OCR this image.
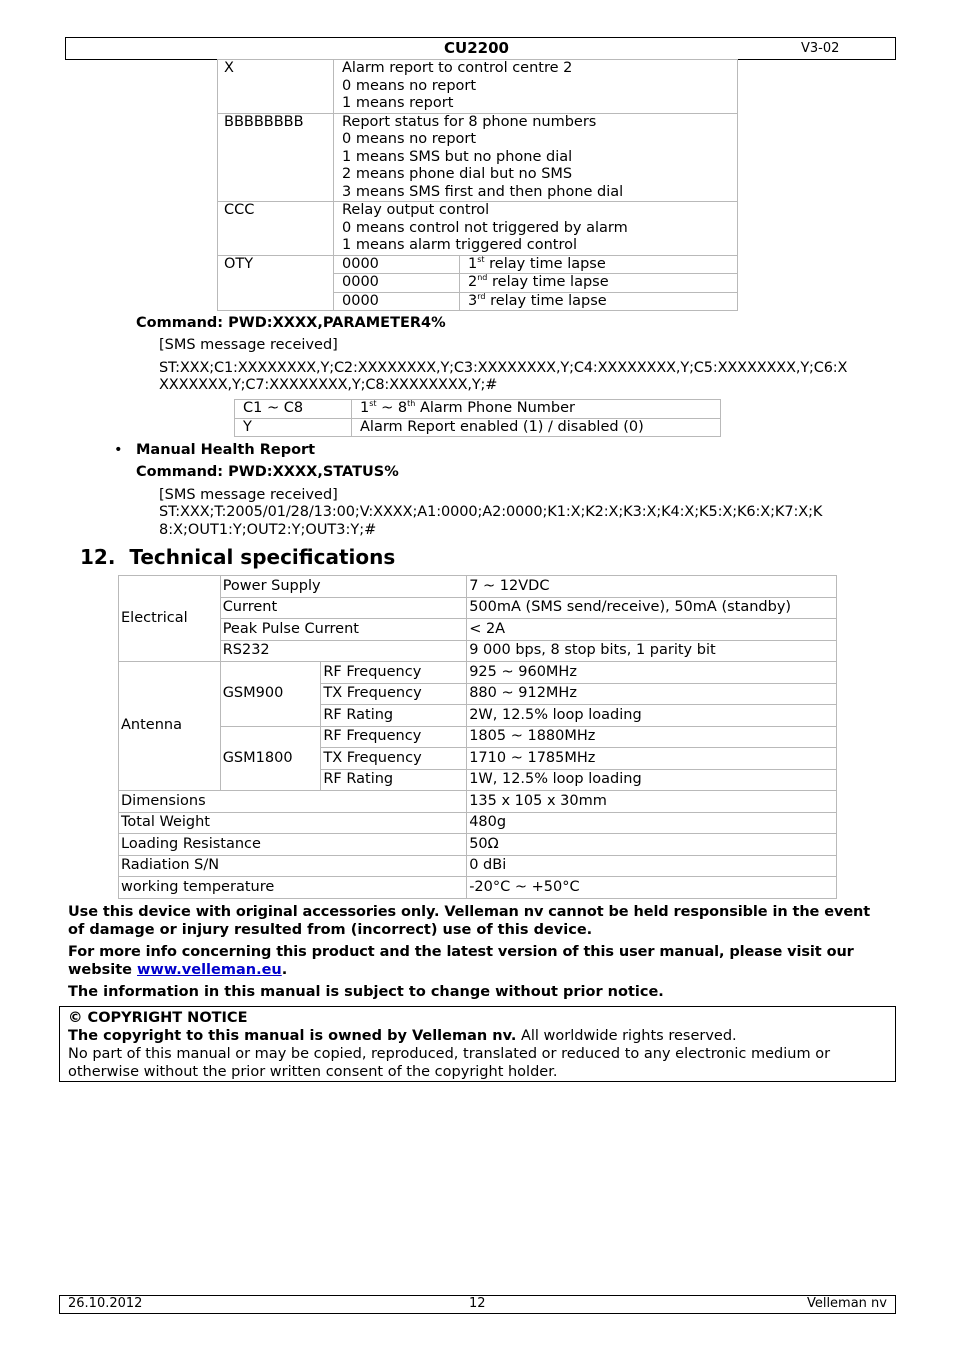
CU2200	V3-02
X	Alarm report to control centre 2
0 means no report
1 means report	

BBBBBBBB	Report status for 8 phone numbers
0 means no report
1 means SMS but no phone dial
2 means phone dial but no SMS
3 means SMS first and then phone dial	

CCC	Relay output control
0 means control not triggered by alarm
1 means alarm triggered control	

OTY	0000	1st relay time lapse
	0000	2nd relay time lapse
	0000	3rd relay time lapse
Command: PWD:XXXX,PARAMETER4%
[SMS message received]
ST:XXX;C1:XXXXXXXX,Y;C2:XXXXXXXX,Y;C3:XXXXXXXX,Y;C4:XXXXXXXX,Y;C5:XXXXXXXX,Y;C6:X
XXXXXXX,Y;C7:XXXXXXXX,Y;C8:XXXXXXXX,Y;#
C1 ~ C8	1st ~ 8th Alarm Phone Number
Y	Alarm Report enabled (1) / disabled (0)
• Manual Health Report
Command: PWD:XXXX,STATUS%
[SMS message received]
ST:XXX;T:2005/01/28/13:00;V:XXXX;A1:0000;A2:0000;K1:X;K2:X;K3:X;K4:X;K5:X;K6:X;K7:X;K
8:X;OUT1:Y;OUT2:Y;OUT3:Y;#
12. Technical specifications
Electrical	Power Supply		7 ~ 12VDC
	Current		500mA (SMS send/receive), 50mA (standby)
	Peak Pulse Current		< 2A
	RS232		9 000 bps, 8 stop bits, 1 parity bit
Antenna	GSM900	RF Frequency	925 ~ 960MHz
		TX Frequency	880 ~ 912MHz
		RF Rating	2W, 12.5% loop loading
	GSM1800	RF Frequency	1805 ~ 1880MHz
		TX Frequency	1710 ~ 1785MHz
		RF Rating	1W, 12.5% loop loading
Dimensions			135 x 105 x 30mm
Total Weight			480g
Loading Resistance			50Ω
Radiation S/N			0 dBi
working temperature			-20°C ~ +50°C
Use this device with original accessories only. Velleman nv cannot be held responsible in the event
of damage or injury resulted from (incorrect) use of this device.
For more info concerning this product and the latest version of this user manual, please visit our
website www.velleman.eu.
The information in this manual is subject to change without prior notice.
© COPYRIGHT NOTICE
The copyright to this manual is owned by Velleman nv. All worldwide rights reserved.
No part of this manual or may be copied, reproduced, translated or reduced to any electronic medium or
otherwise without the prior written consent of the copyright holder.
26.10.2012	12	Velleman nv
